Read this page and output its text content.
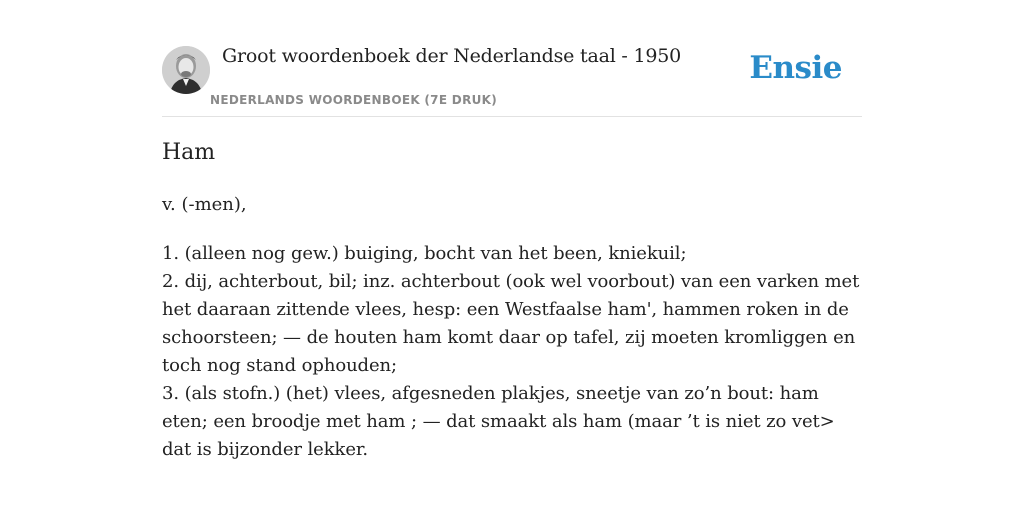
Groot woordenboek der Nederlandse taal - 1950
NEDERLANDS WOORDENBOEK (7E DRUK)
Ensie
Ham
v. (-men),
1. (alleen nog gew.) buiging, bocht van het been, kniekuil;
2. dij, achterbout, bil; inz. achterbout (ook wel voorbout) van een varken met het daaraan zittende vlees, hesp: een Westfaalse ham', hammen roken in de schoorsteen; — de houten ham komt daar op tafel, zij moeten kromliggen en toch nog stand ophouden;
3. (als stofn.) (het) vlees, afgesneden plakjes, sneetje van zo’n bout: ham eten; een broodje met ham ; — dat smaakt als ham (maar ’t is niet zo vet> dat is bijzonder lekker.
